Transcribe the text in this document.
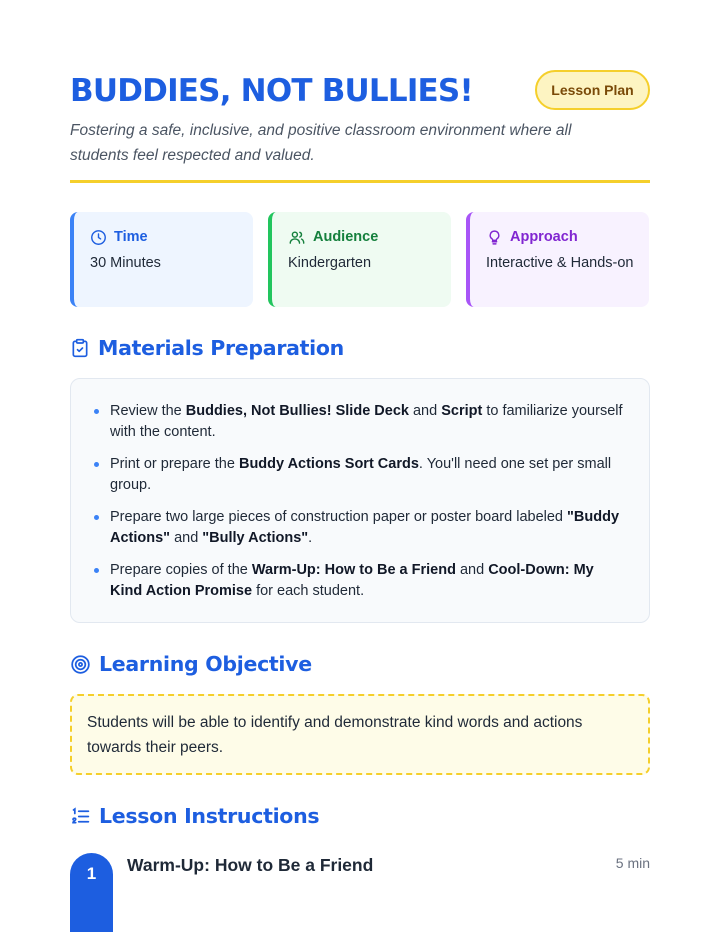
BUDDIES, NOT BULLIES!	Lesson Plan

Fostering a safe, inclusive, and positive classroom environment where all students feel respected and valued.

Time
30 Minutes
Audience
Kindergarten
Approach
Interactive & Hands-on
Materials Preparation
Review the Buddies, Not Bullies! Slide Deck and Script to familiarize yourself with the content.
Print or prepare the Buddy Actions Sort Cards. You'll need one set per small group.
Prepare two large pieces of construction paper or poster board labeled "Buddy Actions" and "Bully Actions".
Prepare copies of the Warm-Up: How to Be a Friend and Cool-Down: My Kind Action Promise for each student.
Learning Objective
Students will be able to identify and demonstrate kind words and actions towards their peers.
Lesson Instructions
1	Warm-Up: How to Be a Friend	5 min
